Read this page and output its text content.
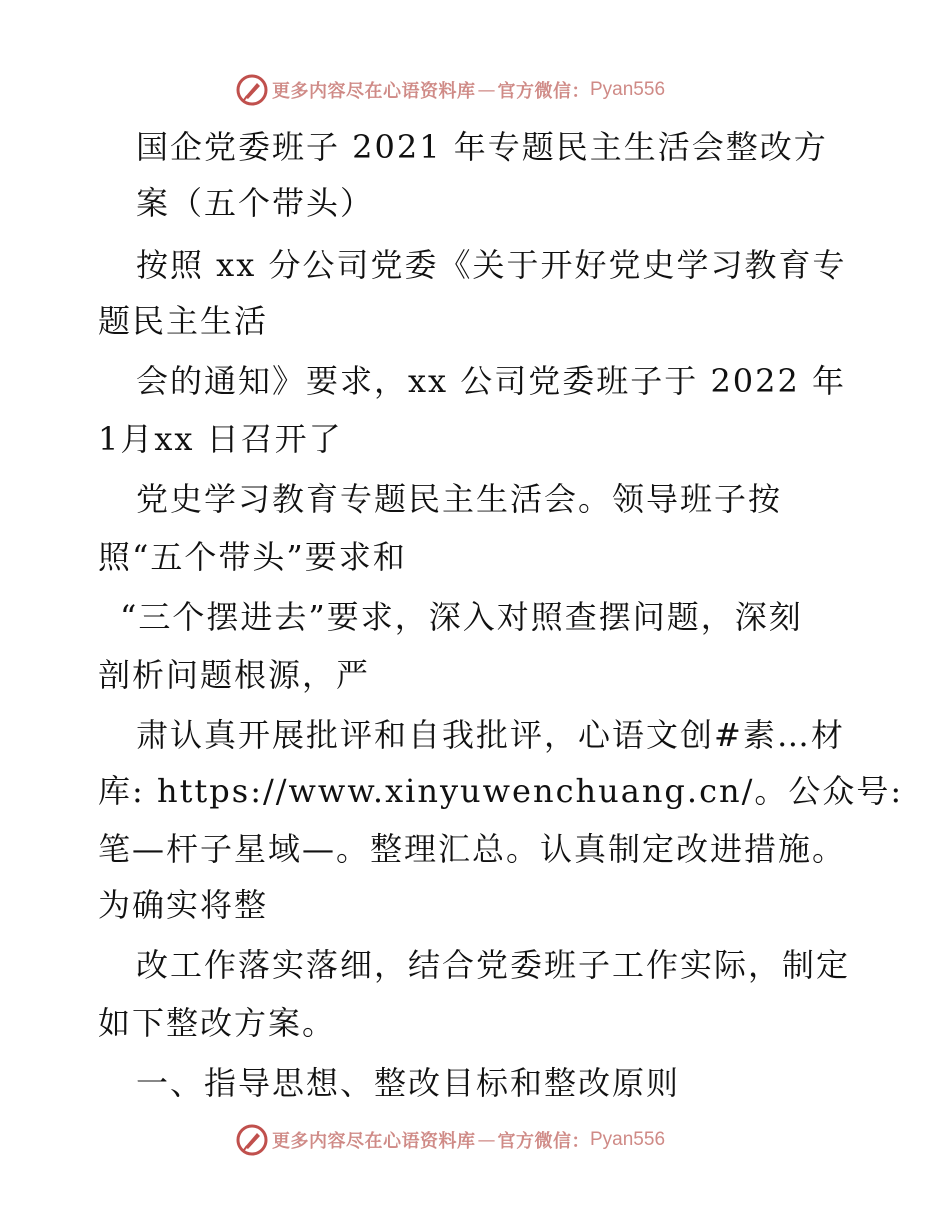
更多内容尽在心语资料库 — 官方微信： Pyan556
国企党委班子 2021 年专题民主生活会整改方
案（五个带头）
按照 xx 分公司党委《关于开好党史学习教育专
题民主生活
会的通知》要求，xx 公司党委班子于 2022 年
1月xx 日召开了
党史学习教育专题民主生活会。领导班子按
照“五个带头”要求和
“三个摆进去”要求，深入对照查摆问题，深刻
剖析问题根源，严
肃认真开展批评和自我批评，心语文创#素…材
库: https://www.xinyuwenchuang.cn/。公众号:
笔—杆子星域—。整理汇总。认真制定改进措施。
为确实将整
改工作落实落细，结合党委班子工作实际，制定
如下整改方案。
一、指导思想、整改目标和整改原则
更多内容尽在心语资料库 — 官方微信： Pyan556
